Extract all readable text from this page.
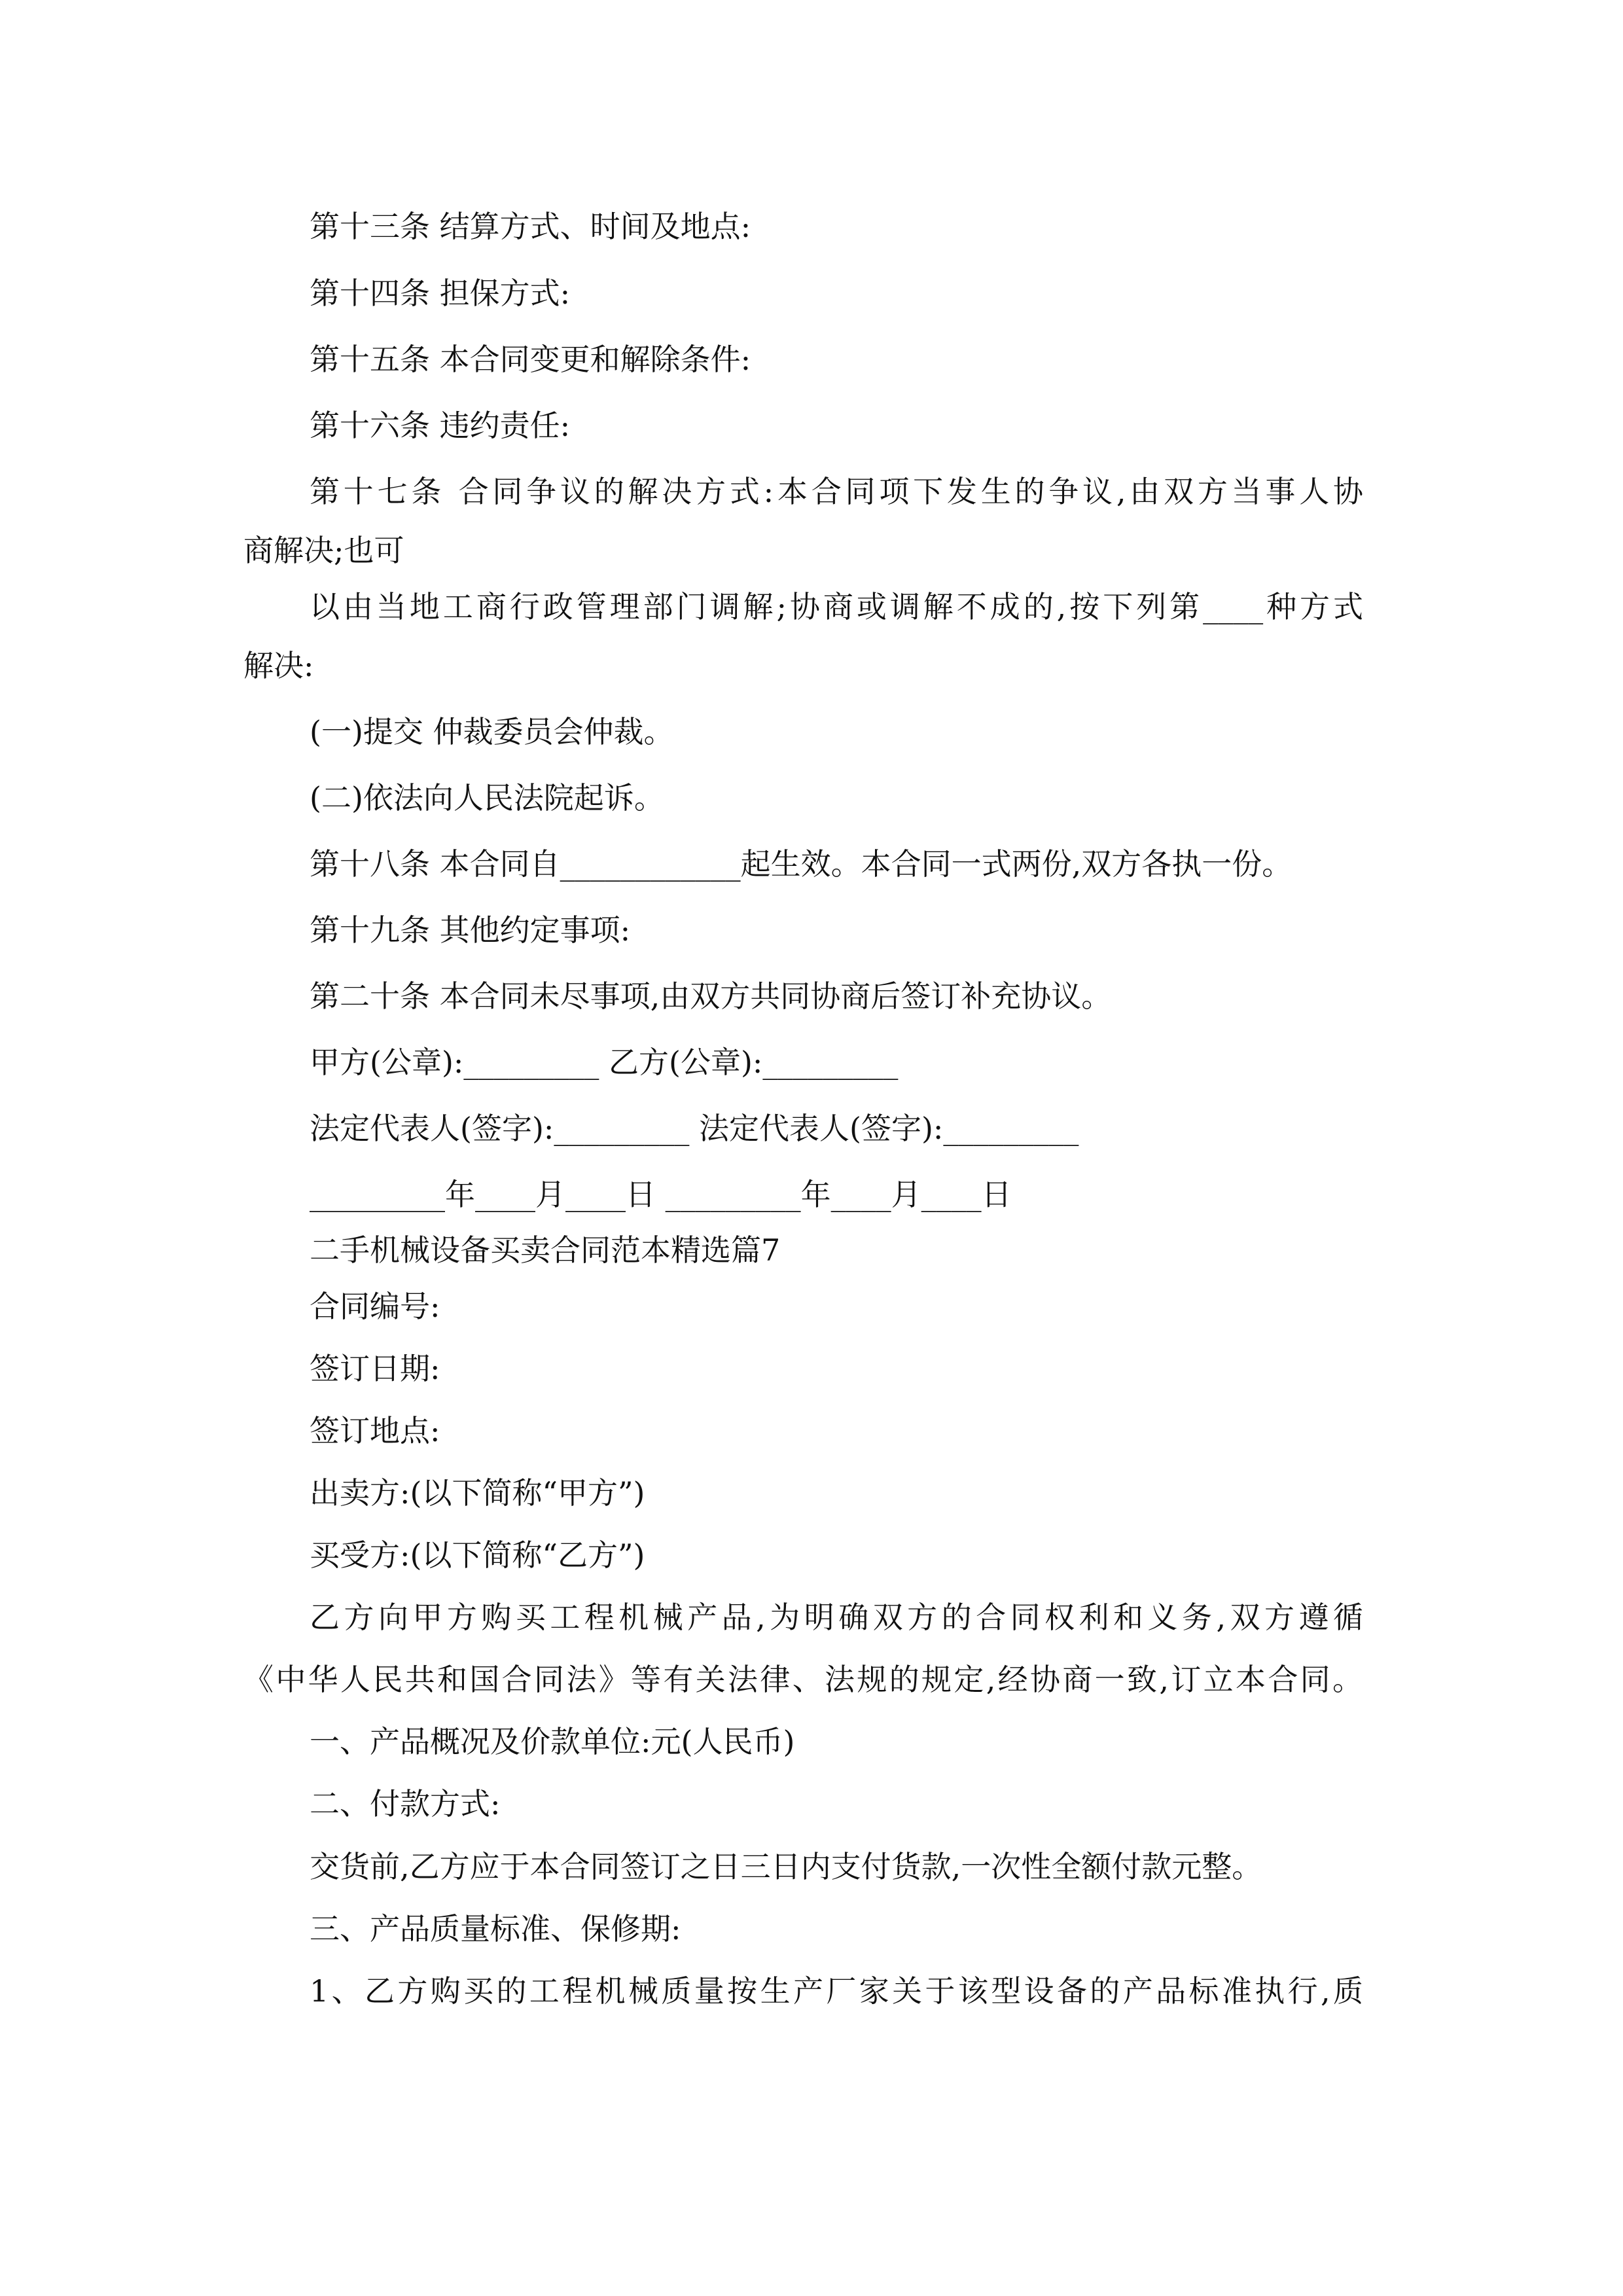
第十三条 结算方式、时间及地点:
第十四条 担保方式:
第十五条 本合同变更和解除条件:
第十六条 违约责任:
第十七条 合同争议的解决方式:本合同项下发生的争议,由双方当事人协
商解决;也可
以由当地工商行政管理部门调解;协商或调解不成的,按下列第____种方式
解决:
(一)提交 仲裁委员会仲裁。
(二)依法向人民法院起诉。
第十八条 本合同自____________起生效。本合同一式两份,双方各执一份。
第十九条 其他约定事项:
第二十条 本合同未尽事项,由双方共同协商后签订补充协议。
甲方(公章):_________ 乙方(公章):_________
法定代表人(签字):_________ 法定代表人(签字):_________
_________年____月____日 _________年____月____日
二手机械设备买卖合同范本精选篇7
合同编号:
签订日期:
签订地点:
出卖方:(以下简称“甲方”)
买受方:(以下简称“乙方”)
乙方向甲方购买工程机械产品,为明确双方的合同权利和义务,双方遵循
《中华人民共和国合同法》等有关法律、法规的规定,经协商一致,订立本合同。
一、产品概况及价款单位:元(人民币)
二、付款方式:
交货前,乙方应于本合同签订之日三日内支付货款,一次性全额付款元整。
三、产品质量标准、保修期:
1、乙方购买的工程机械质量按生产厂家关于该型设备的产品标准执行,质
